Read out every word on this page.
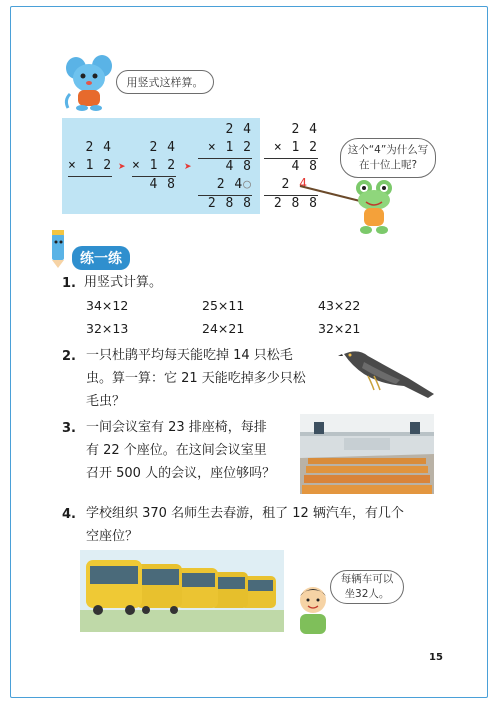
用竖式这样算。
2 4
× 1 2 ➤
2 4
× 1 2
4 8
➤
2 4
× 1 2
4 8
2 4○
2 8 8
2 4
× 1 2
4 8
2 4
2 8 8
这个“4”为什么写在十位上呢?
练一练
1. 用竖式计算。
34×12	25×11	43×22
32×13	24×21	32×21
2. 一只杜鹃平均每天能吃掉 14 只松毛
虫。算一算：它 21 天能吃掉多少只松
毛虫？
3. 一间会议室有 23 排座椅，每排
有 22 个座位。在这间会议室里
召开 500 人的会议，座位够吗？
4. 学校组织 370 名师生去春游，租了 12 辆汽车，有几个
空座位？
每辆车可以坐32人。
15
